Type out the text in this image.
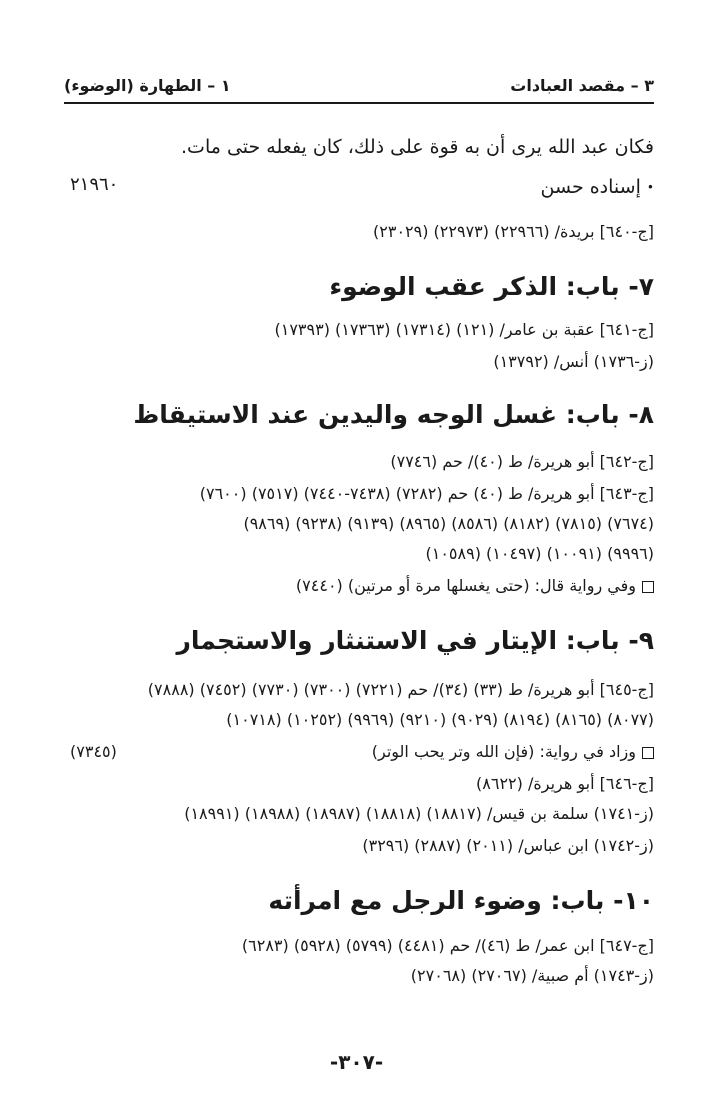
٣ – مقصد العبادات
١ – الطهارة (الوضوء)
فكان عبد الله يرى أن به قوة على ذلك، كان يفعله حتى مات.
• إسناده حسن
٢١٩٦٠
[ج-٦٤٠] بريدة/ (٢٢٩٦٦) (٢٢٩٧٣) (٢٣٠٢٩)
٧- باب: الذكر عقب الوضوء
[ج-٦٤١] عقبة بن عامر/ (١٢١) (١٧٣١٤) (١٧٣٦٣) (١٧٣٩٣)
(ز-١٧٣٦) أنس/ (١٣٧٩٢)
٨- باب: غسل الوجه واليدين عند الاستيقاظ
[ج-٦٤٢] أبو هريرة/ ط (٤٠)/ حم (٧٧٤٦)
[ج-٦٤٣] أبو هريرة/ ط (٤٠) حم (٧٢٨٢) (٧٤٣٨-٧٤٤٠) (٧٥١٧) (٧٦٠٠)
(٧٦٧٤) (٧٨١٥) (٨١٨٢) (٨٥٨٦) (٨٩٦٥) (٩١٣٩) (٩٢٣٨) (٩٨٦٩)
(٩٩٩٦) (١٠٠٩١) (١٠٤٩٧) (١٠٥٨٩)
وفي رواية قال: (حتى يغسلها مرة أو مرتين) (٧٤٤٠)
٩- باب: الإيتار في الاستنثار والاستجمار
[ج-٦٤٥] أبو هريرة/ ط (٣٣) (٣٤)/ حم (٧٢٢١) (٧٣٠٠) (٧٧٣٠) (٧٤٥٢) (٧٨٨٨)
(٨٠٧٧) (٨١٦٥) (٨١٩٤) (٩٠٢٩) (٩٢١٠) (٩٩٦٩) (١٠٢٥٢) (١٠٧١٨)
وزاد في رواية: (فإن الله وتر يحب الوتر)
(٧٣٤٥)
[ج-٦٤٦] أبو هريرة/ (٨٦٢٢)
(ز-١٧٤١) سلمة بن قيس/ (١٨٨١٧) (١٨٨١٨) (١٨٩٨٧) (١٨٩٨٨) (١٨٩٩١)
(ز-١٧٤٢) ابن عباس/ (٢٠١١) (٢٨٨٧) (٣٢٩٦)
١٠- باب: وضوء الرجل مع امرأته
[ج-٦٤٧] ابن عمر/ ط (٤٦)/ حم (٤٤٨١) (٥٧٩٩) (٥٩٢٨) (٦٢٨٣)
(ز-١٧٤٣) أم صبية/ (٢٧٠٦٧) (٢٧٠٦٨)
-٣٠٧-
